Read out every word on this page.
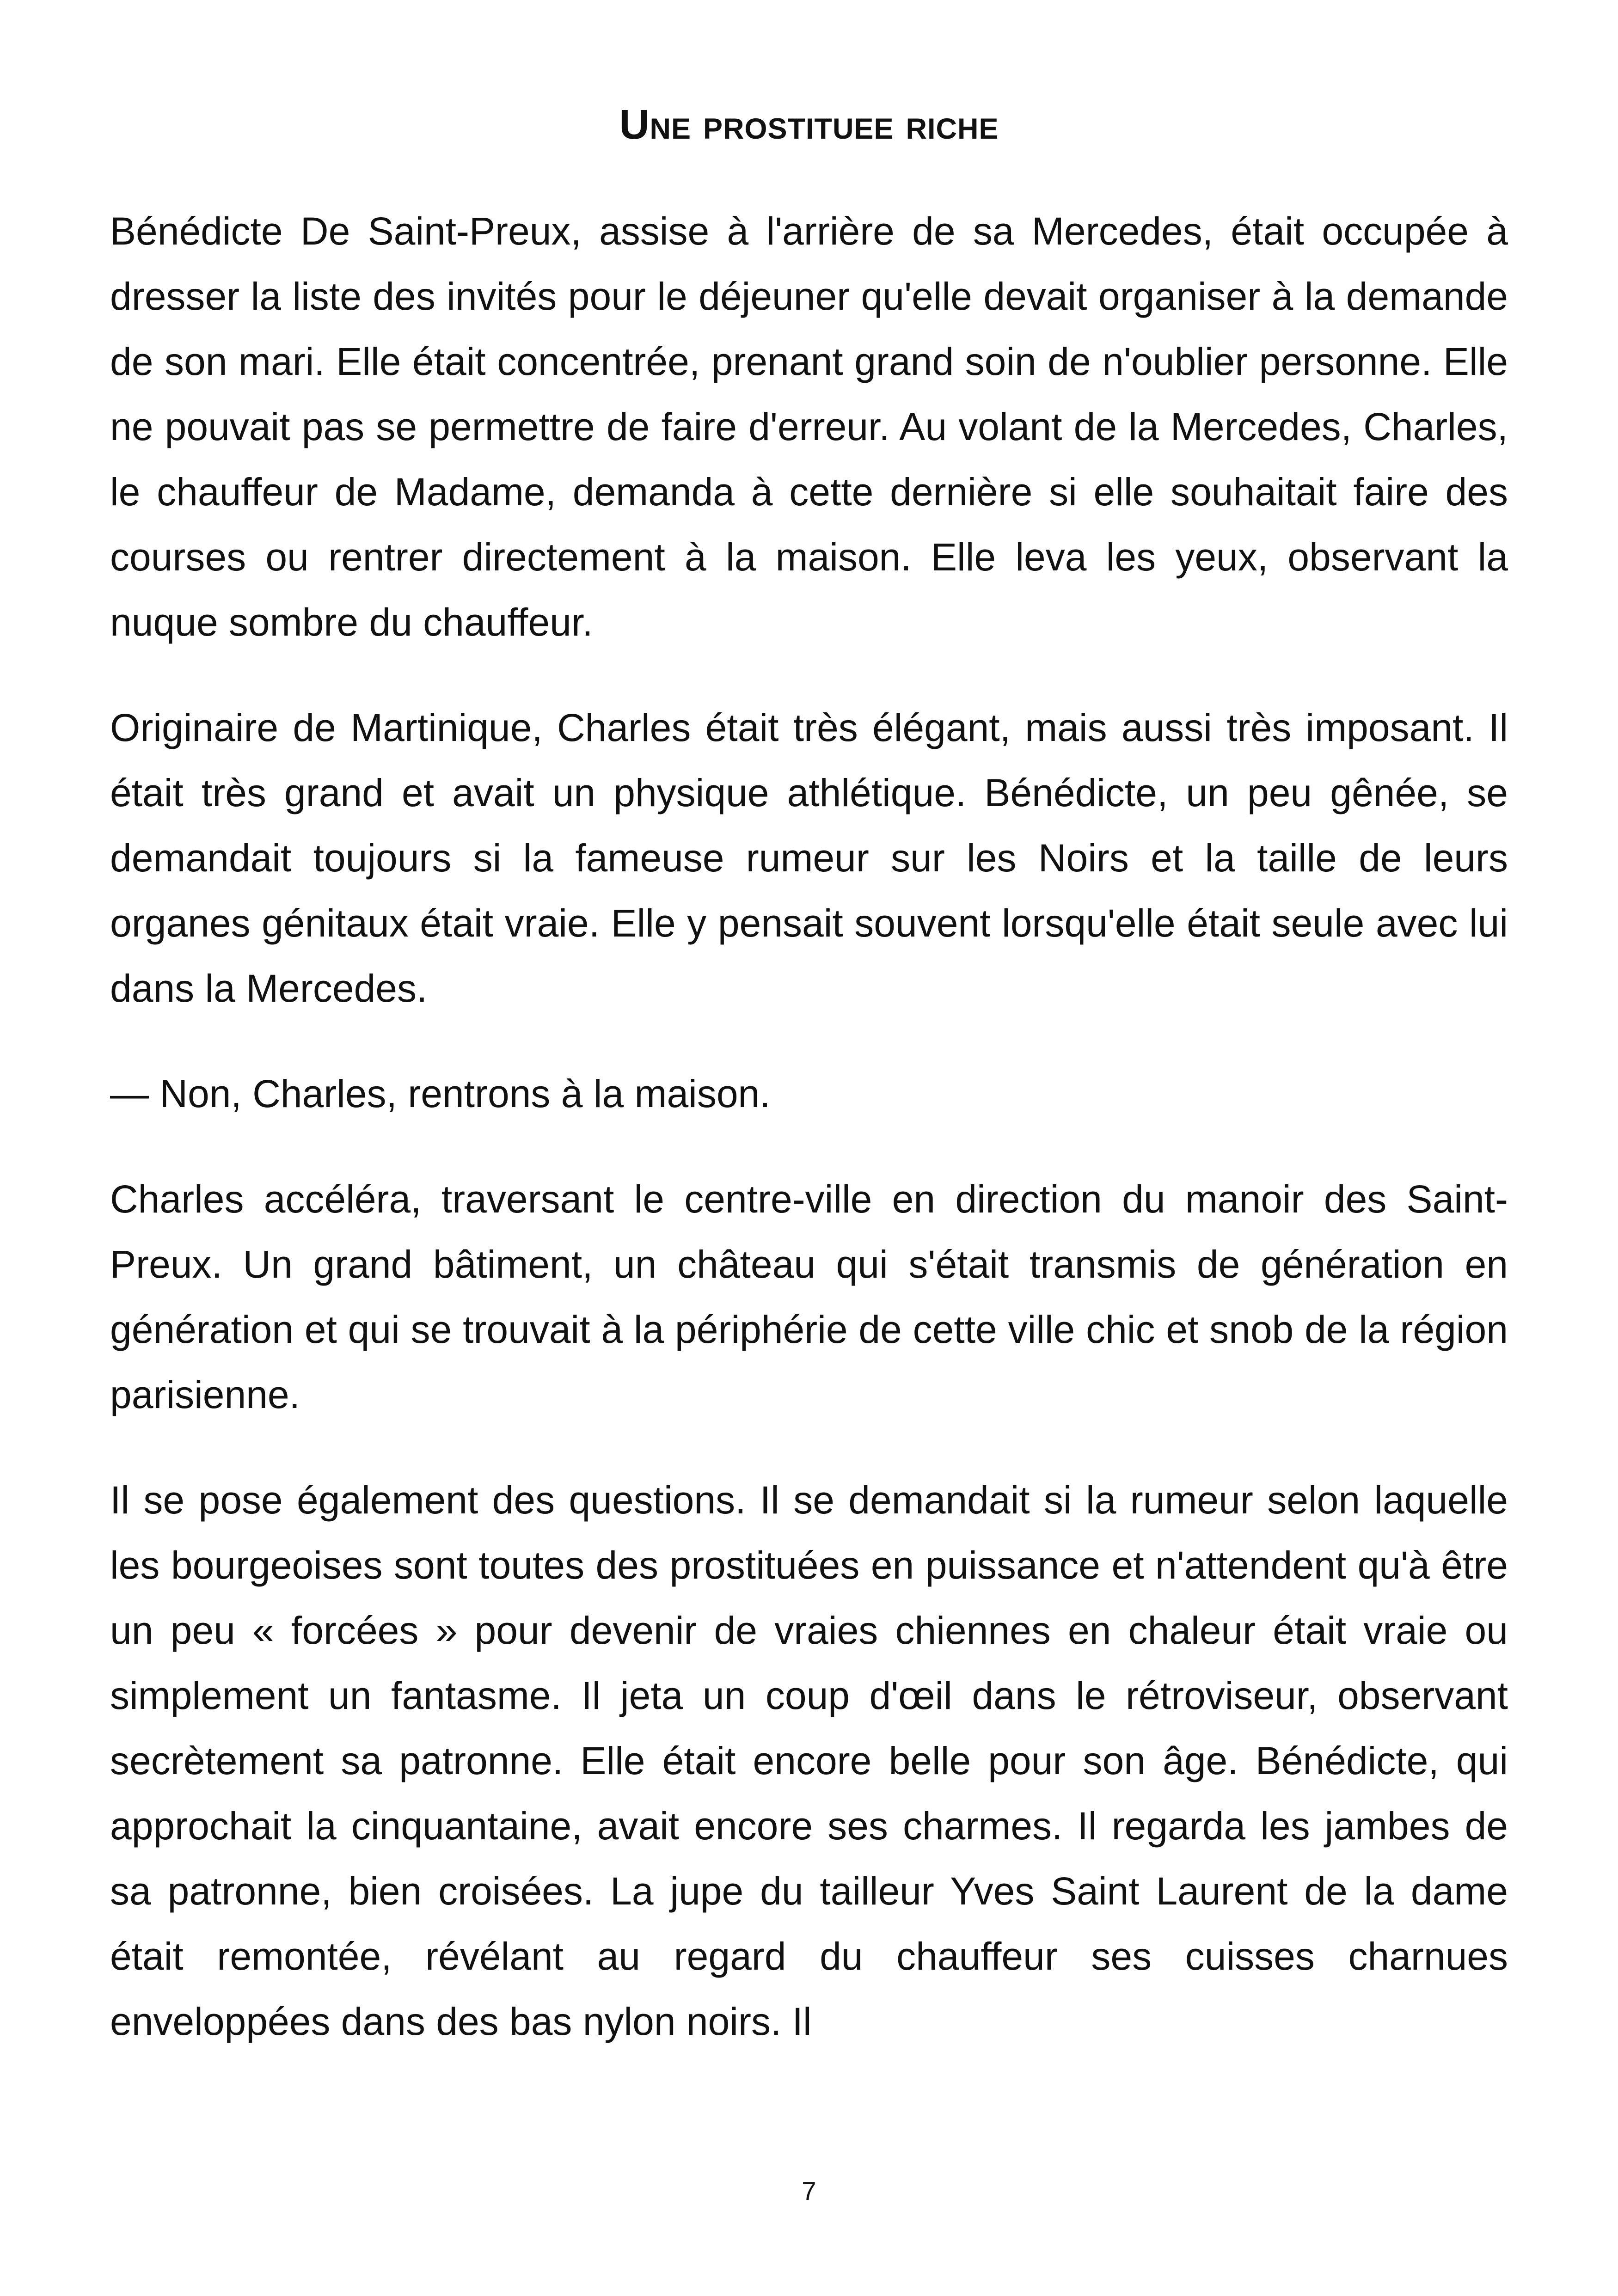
Une prostituee riche

Bénédicte De Saint-Preux, assise à l'arrière de sa Mercedes, était occupée à dresser la liste des invités pour le déjeuner qu'elle devait organiser à la demande de son mari. Elle était concentrée, prenant grand soin de n'oublier personne. Elle ne pouvait pas se permettre de faire d'erreur. Au volant de la Mercedes, Charles, le chauffeur de Madame, demanda à cette dernière si elle souhaitait faire des courses ou rentrer directement à la maison. Elle leva les yeux, observant la nuque sombre du chauffeur.

Originaire de Martinique, Charles était très élégant, mais aussi très imposant. Il était très grand et avait un physique athlétique. Bénédicte, un peu gênée, se demandait toujours si la fameuse rumeur sur les Noirs et la taille de leurs organes génitaux était vraie. Elle y pensait souvent lorsqu'elle était seule avec lui dans la Mercedes.

— Non, Charles, rentrons à la maison.

Charles accéléra, traversant le centre-ville en direction du manoir des Saint-Preux. Un grand bâtiment, un château qui s'était transmis de génération en génération et qui se trouvait à la périphérie de cette ville chic et snob de la région parisienne.

Il se pose également des questions. Il se demandait si la rumeur selon laquelle les bourgeoises sont toutes des prostituées en puissance et n'attendent qu'à être un peu « forcées » pour devenir de vraies chiennes en chaleur était vraie ou simplement un fantasme. Il jeta un coup d'œil dans le rétroviseur, observant secrètement sa patronne. Elle était encore belle pour son âge. Bénédicte, qui approchait la cinquantaine, avait encore ses charmes. Il regarda les jambes de sa patronne, bien croisées. La jupe du tailleur Yves Saint Laurent de la dame était remontée, révélant au regard du chauffeur ses cuisses charnues enveloppées dans des bas nylon noirs. Il

7
